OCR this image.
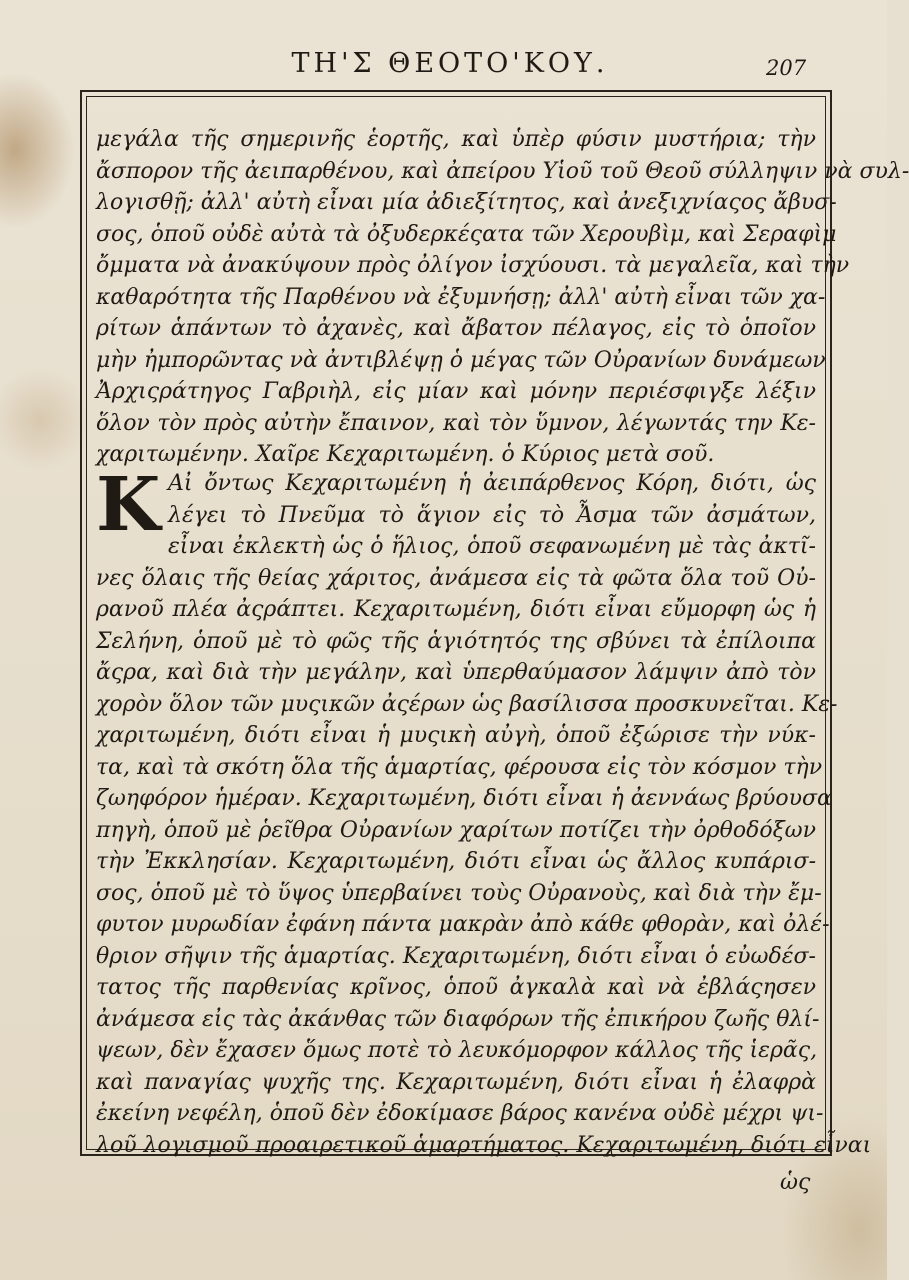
ΤΗ'Σ ΘΕΟΤΟ'ΚΟΥ.	207
μεγάλα τῆς σημερινῆς ἑορτῆς, καὶ ὑπὲρ φύσιν μυστήρια; τὴν
ἄσπορον τῆς ἀειπαρθένου, καὶ ἀπείρου Υἱοῦ τοῦ Θεοῦ σύλληψιν νὰ συλ-
λογισθῇ; ἀλλ' αὐτὴ εἶναι μία ἀδιεξίτητος, καὶ ἀνεξιχνίαςος ἄβυσ-
σος, ὁποῦ οὐδὲ αὐτὰ τὰ ὀξυδερκέςατα τῶν Χερουβὶμ, καὶ Σεραφὶμ
ὄμματα νὰ ἀνακύψουν πρὸς ὀλίγον ἰσχύουσι. τὰ μεγαλεῖα, καὶ τὴν
καθαρότητα τῆς Παρθένου νὰ ἐξυμνήσῃ; ἀλλ' αὐτὴ εἶναι τῶν χα-
ρίτων ἁπάντων τὸ ἀχανὲς, καὶ ἄβατον πέλαγος, εἰς τὸ ὁποῖον
μὴν ἠμπορῶντας νὰ ἀντιβλέψῃ ὁ μέγας τῶν Οὐρανίων δυνάμεων
Ἀρχιςράτηγος Γαβριὴλ, εἰς μίαν καὶ μόνην περιέσφιγξε λέξιν
ὅλον τὸν πρὸς αὐτὴν ἔπαινον, καὶ τὸν ὕμνον, λέγωντάς την Κε-
χαριτωμένην. Χαῖρε Κεχαριτωμένη. ὁ Κύριος μετὰ σοῦ.
K Αἰ ὄντως Κεχαριτωμένη ἡ ἀειπάρθενος Κόρη, διότι, ὡς
λέγει τὸ Πνεῦμα τὸ ἅγιον εἰς τὸ Ἆσμα τῶν ἀσμάτων,
εἶναι ἐκλεκτὴ ὡς ὁ ἥλιος, ὁποῦ σεφανωμένη μὲ τὰς ἀκτῖ-
νες ὅλαις τῆς θείας χάριτος, ἀνάμεσα εἰς τὰ φῶτα ὅλα τοῦ Οὐ-
ρανοῦ πλέα ἀςράπτει. Κεχαριτωμένη, διότι εἶναι εὔμορφη ὡς ἡ
Σελήνη, ὁποῦ μὲ τὸ φῶς τῆς ἁγιότητός της σβύνει τὰ ἐπίλοιπα
ἄςρα, καὶ διὰ τὴν μεγάλην, καὶ ὑπερθαύμασον λάμψιν ἀπὸ τὸν
χορὸν ὅλον τῶν μυςικῶν ἀςέρων ὡς βασίλισσα προσκυνεῖται. Κε-
χαριτωμένη, διότι εἶναι ἡ μυςικὴ αὐγὴ, ὁποῦ ἐξώρισε τὴν νύκ-
τα, καὶ τὰ σκότη ὅλα τῆς ἁμαρτίας, φέρουσα εἰς τὸν κόσμον τὴν
ζωηφόρον ἡμέραν. Κεχαριτωμένη, διότι εἶναι ἡ ἀεννάως βρύουσα
πηγὴ, ὁποῦ μὲ ῥεῖθρα Οὐρανίων χαρίτων ποτίζει τὴν ὀρθοδόξων
τὴν Ἐκκλησίαν. Κεχαριτωμένη, διότι εἶναι ὡς ἄλλος κυπάρισ-
σος, ὁποῦ μὲ τὸ ὕψος ὑπερβαίνει τοὺς Οὐρανοὺς, καὶ διὰ τὴν ἔμ-
φυτον μυρωδίαν ἐφάνη πάντα μακρὰν ἀπὸ κάθε φθορὰν, καὶ ὀλέ-
θριον σῆψιν τῆς ἁμαρτίας. Κεχαριτωμένη, διότι εἶναι ὁ εὐωδέσ-
τατος τῆς παρθενίας κρῖνος, ὁποῦ ἀγκαλὰ καὶ νὰ ἐβλάςησεν
ἀνάμεσα εἰς τὰς ἀκάνθας τῶν διαφόρων τῆς ἐπικήρου ζωῆς θλί-
ψεων, δὲν ἔχασεν ὅμως ποτὲ τὸ λευκόμορφον κάλλος τῆς ἱερᾶς,
καὶ παναγίας ψυχῆς της. Κεχαριτωμένη, διότι εἶναι ἡ ἐλαφρὰ
ἐκείνη νεφέλη, ὁποῦ δὲν ἐδοκίμασε βάρος κανένα οὐδὲ μέχρι ψι-
λοῦ λογισμοῦ προαιρετικοῦ ἁμαρτήματος. Κεχαριτωμένη, διότι εἶναι
ὡς
